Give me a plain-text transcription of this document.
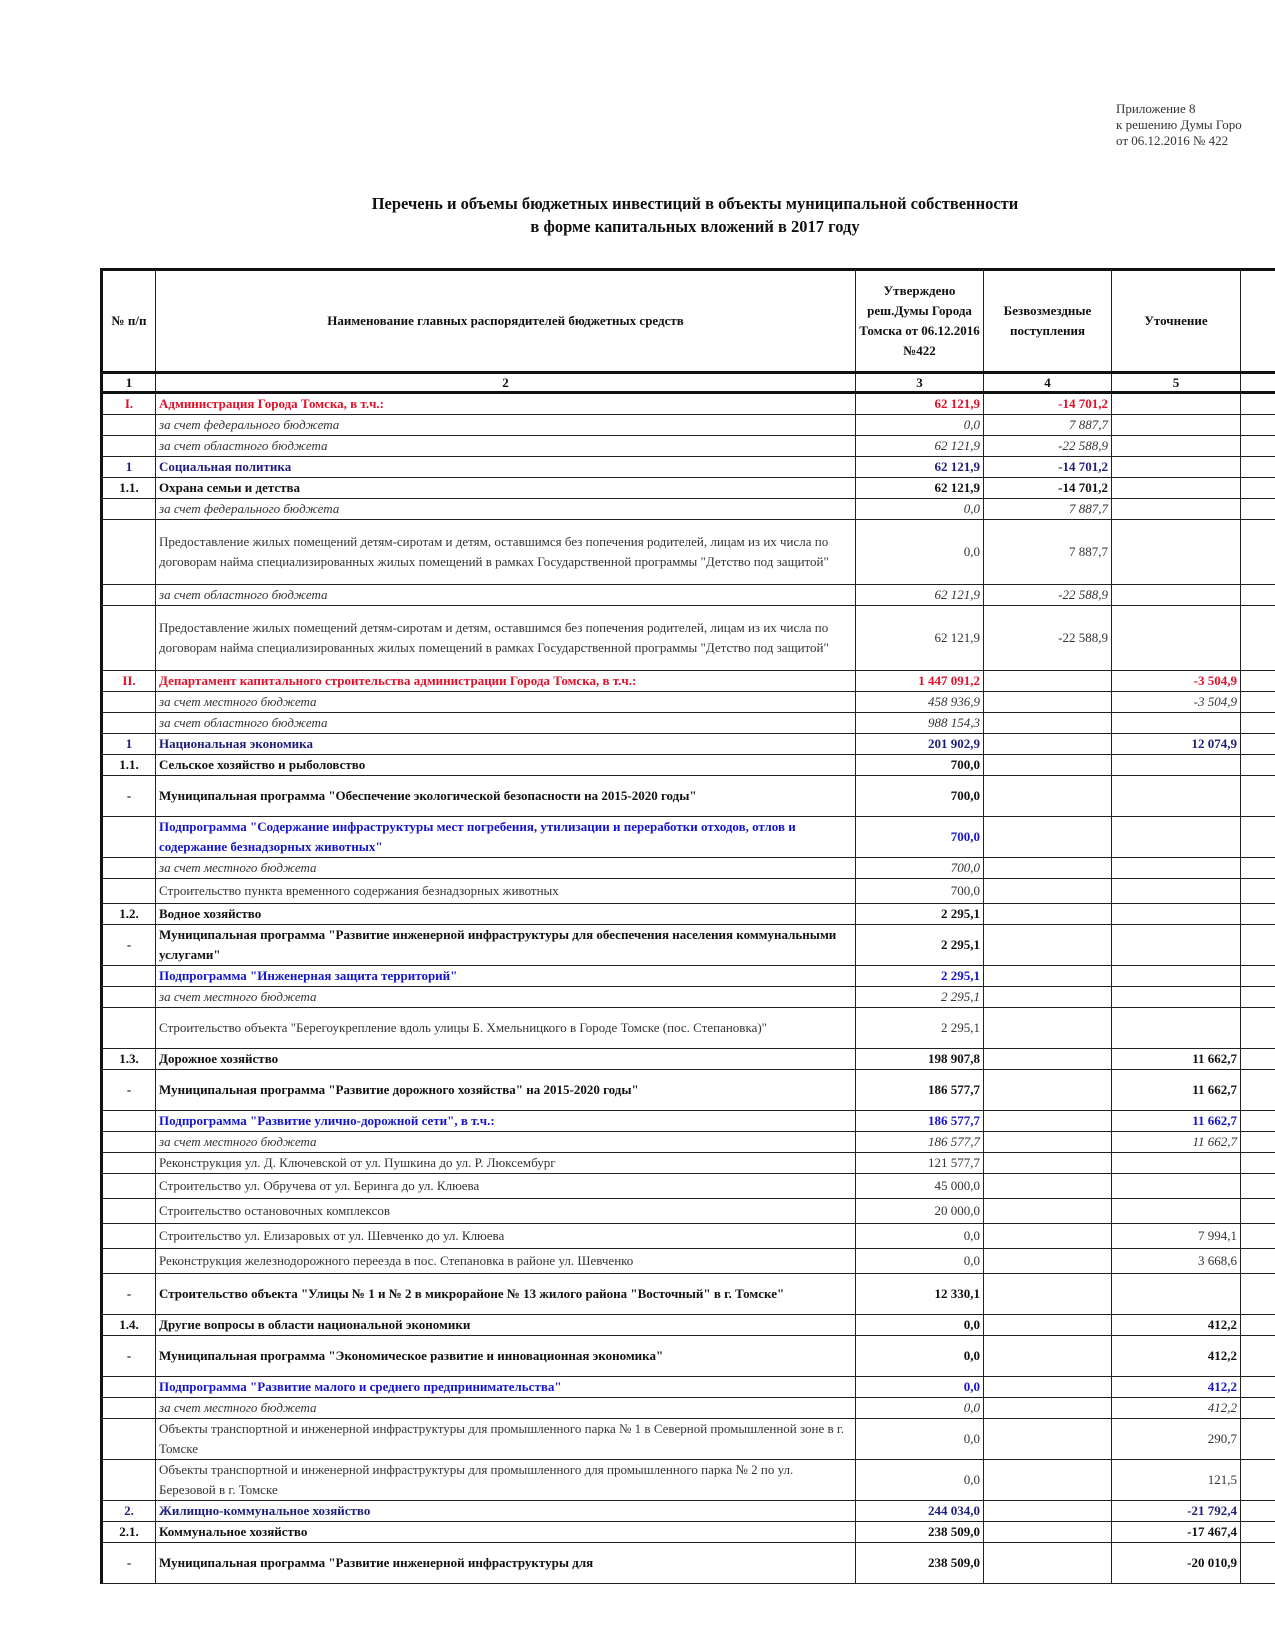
Приложение 8
к решению Думы Горо
от 06.12.2016 № 422
Перечень и объемы бюджетных инвестиций в объекты муниципальной собственности
в форме капитальных вложений в 2017 году
№ п/п	Наименование главных распорядителей бюджетных средств	Утверждено реш.Думы Города Томска от 06.12.2016 №422	Безвозмездные поступления	Уточнение	
1	2	3	4	5	
I.	Администрация Города Томска, в т.ч.:	62 121,9	-14 701,2		
	за счет федерального бюджета	0,0	7 887,7		
	за счет областного бюджета	62 121,9	-22 588,9		
1	Социальная политика	62 121,9	-14 701,2		
1.1.	Охрана семьи и детства	62 121,9	-14 701,2		
	за счет федерального бюджета	0,0	7 887,7		
	Предоставление жилых помещений детям-сиротам и детям, оставшимся без попечения родителей, лицам из их числа по договорам найма специализированных жилых помещений в рамках Государственной программы "Детство под защитой"	0,0	7 887,7		
	за счет областного бюджета	62 121,9	-22 588,9		
	Предоставление жилых помещений детям-сиротам и детям, оставшимся без попечения родителей, лицам из их числа по договорам найма специализированных жилых помещений в рамках Государственной программы "Детство под защитой"	62 121,9	-22 588,9		
II.	Департамент капитального строительства администрации Города Томска, в т.ч.:	1 447 091,2		-3 504,9	
	за счет местного бюджета	458 936,9		-3 504,9	
	за счет областного бюджета	988 154,3			
1	Национальная экономика	201 902,9		12 074,9	
1.1.	Сельское хозяйство и рыболовство	700,0			
-	Муниципальная программа "Обеспечение экологической безопасности на 2015-2020 годы"	700,0			
	Подпрограмма "Содержание инфраструктуры мест погребения, утилизации и переработки отходов, отлов и содержание безнадзорных животных"	700,0			
	за счет местного бюджета	700,0			
	Строительство пункта временного содержания безнадзорных животных	700,0			
1.2.	Водное хозяйство	2 295,1			
-	Муниципальная программа "Развитие инженерной инфраструктуры для обеспечения населения коммунальными услугами"	2 295,1			
	Подпрограмма "Инженерная защита территорий"	2 295,1			
	за счет местного бюджета	2 295,1			
	Строительство объекта "Берегоукрепление вдоль улицы Б. Хмельницкого в Городе Томске (пос. Степановка)"	2 295,1			
1.3.	Дорожное хозяйство	198 907,8		11 662,7	
-	Муниципальная программа "Развитие дорожного хозяйства" на 2015-2020 годы"	186 577,7		11 662,7	
	Подпрограмма "Развитие улично-дорожной сети", в т.ч.:	186 577,7		11 662,7	
	за счет местного бюджета	186 577,7		11 662,7	
	Реконструкция ул. Д. Ключевской от ул. Пушкина до ул. Р. Люксембург	121 577,7			
	Строительство ул. Обручева от ул. Беринга до ул. Клюева	45 000,0			
	Строительство остановочных комплексов	20 000,0			
	Строительство ул. Елизаровых от ул. Шевченко до ул. Клюева	0,0		7 994,1	
	Реконструкция железнодорожного переезда в пос. Степановка в районе ул. Шевченко	0,0		3 668,6	
-	Строительство объекта "Улицы № 1 и № 2 в микрорайоне № 13 жилого района "Восточный" в г. Томске"	12 330,1			
1.4.	Другие вопросы в области национальной экономики	0,0		412,2	
-	Муниципальная программа "Экономическое развитие и инновационная экономика"	0,0		412,2	
	Подпрограмма "Развитие малого и среднего предпринимательства"	0,0		412,2	
	за счет местного бюджета	0,0		412,2	
	Объекты транспортной и инженерной инфраструктуры для промышленного парка № 1 в Северной промышленной зоне в г. Томске	0,0		290,7	
	Объекты транспортной и инженерной инфраструктуры для промышленного для промышленного парка № 2 по ул. Березовой в г. Томске	0,0		121,5	
2.	Жилищно-коммунальное хозяйство	244 034,0		-21 792,4	
2.1.	Коммунальное хозяйство	238 509,0		-17 467,4	
-	Муниципальная программа "Развитие инженерной инфраструктуры для	238 509,0		-20 010,9	
